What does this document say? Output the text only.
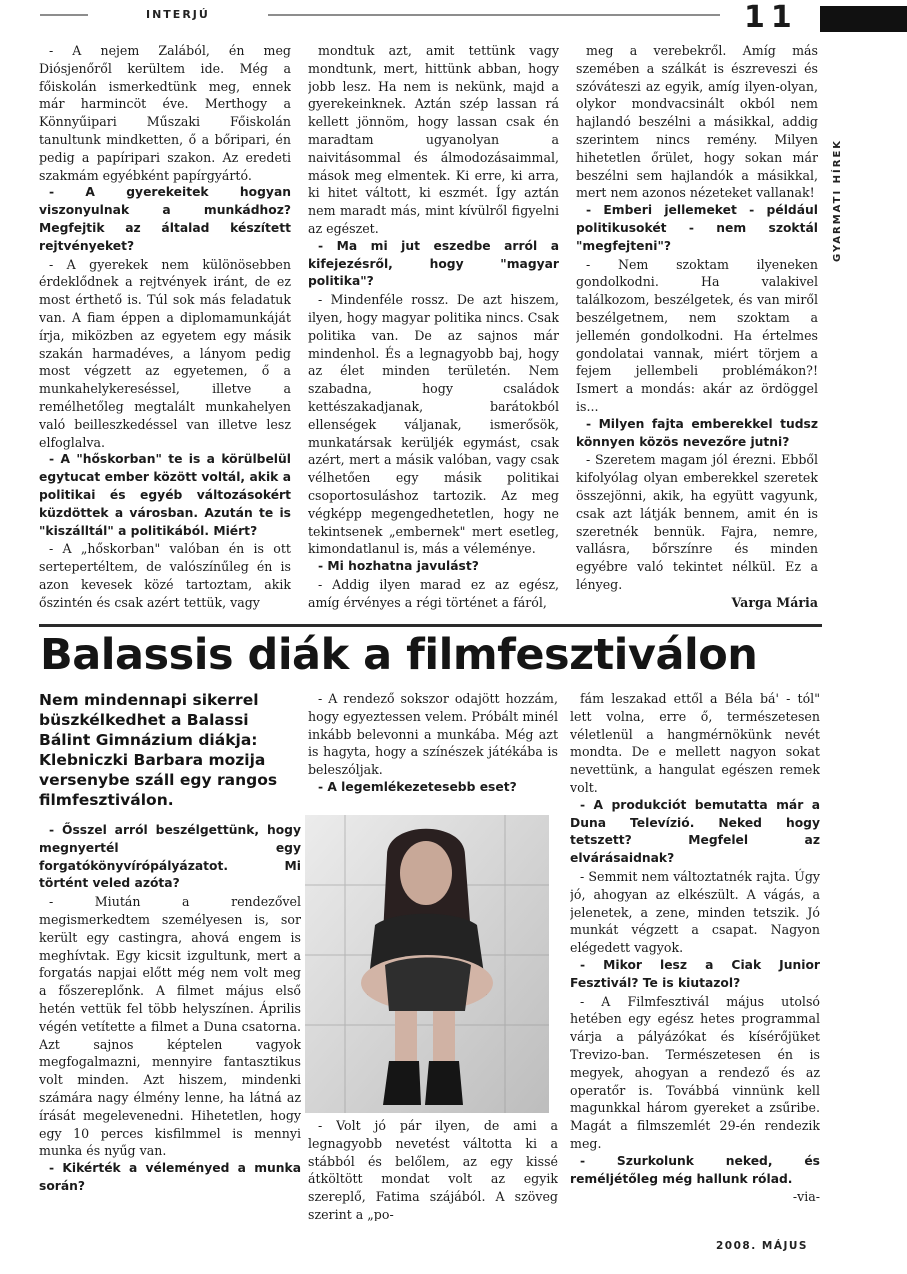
INTERJÚ	11
GYARMATI HÍREK

- A nejem Zalából, én meg Diósjenőről kerültem ide. Még a főiskolán ismerkedtünk meg, ennek már harmincöt éve. Merthogy a Könnyűipari Műszaki Főiskolán tanultunk mindketten, ő a bőripari, én pedig a papíripari szakon. Az eredeti szakmám egyébként papírgyártó.

- A gyerekeitek hogyan viszonyulnak a munkádhoz? Megfejtik az általad készített rejtvényeket?

- A gyerekek nem különösebben érdeklődnek a rejtvények iránt, de ez most érthető is. Túl sok más feladatuk van. A fiam éppen a diplomamunkáját írja, miközben az egyetem egy másik szakán harmadéves, a lányom pedig most végzett az egyetemen, ő a munkahelykereséssel, illetve a remélhetőleg megtalált munkahelyen való beilleszkedéssel van illetve lesz elfoglalva.

- A "hőskorban" te is a körülbelül egytucat ember között voltál, akik a politikai és egyéb változásokért küzdöttek a városban. Azután te is "kiszálltál" a politikából. Miért?

- A „hőskorban" valóban én is ott sertepertéltem, de valószínűleg én is azon kevesek közé tartoztam, akik őszintén és csak azért tettük, vagy

mondtuk azt, amit tettünk vagy mondtunk, mert, hittünk abban, hogy jobb lesz. Ha nem is nekünk, majd a gyerekeinknek. Aztán szép lassan rá kellett jönnöm, hogy lassan csak én maradtam ugyanolyan a naivitásommal és álmodozásaimmal, mások meg elmentek. Ki erre, ki arra, ki hitet váltott, ki eszmét. Így aztán nem maradt más, mint kívülről figyelni az egészet.

- Ma mi jut eszedbe arról a kifejezésről, hogy "magyar politika"?

- Mindenféle rossz. De azt hiszem, ilyen, hogy magyar politika nincs. Csak politika van. De az sajnos már mindenhol. És a legnagyobb baj, hogy az élet minden területén. Nem szabadna, hogy családok kettészakadjanak, barátokból ellenségek váljanak, ismerősök, munkatársak kerüljék egymást, csak azért, mert a másik valóban, vagy csak vélhetően egy másik politikai csoportosuláshoz tartozik. Az meg végképp megengedhetetlen, hogy ne tekintsenek „embernek" mert esetleg, kimondatlanul is, más a véleménye.

- Mi hozhatna javulást?

- Addig ilyen marad ez az egész, amíg érvényes a régi történet a fáról,

meg a verebekről. Amíg más szemében a szálkát is észreveszi és szóváteszi az egyik, amíg ilyen-olyan, olykor mondvacsinált okból nem hajlandó beszélni a másikkal, addig szerintem nincs remény. Milyen hihetetlen őrület, hogy sokan már beszélni sem hajlandók a másikkal, mert nem azonos nézeteket vallanak!

- Emberi jellemeket - például politikusokét - nem szoktál "megfejteni"?

- Nem szoktam ilyeneken gondolkodni. Ha valakivel találkozom, beszélgetek, és van miről beszélgetnem, nem szoktam a jellemén gondolkodni. Ha értelmes gondolatai vannak, miért törjem a fejem jellembeli problémákon?! Ismert a mondás: akár az ördöggel is...

- Milyen fajta emberekkel tudsz könnyen közös nevezőre jutni?

- Szeretem magam jól érezni. Ebből kifolyólag olyan emberekkel szeretek összejönni, akik, ha együtt vagyunk, csak azt látják bennem, amit én is szeretnék bennük. Fajra, nemre, vallásra, bőrszínre és minden egyébre való tekintet nélkül. Ez a lényeg.

Varga Mária

Balassis diák a filmfesztiválon
Nem mindennapi sikerrel büszkélkedhet a Balassi Bálint Gimnázium diákja: Klebniczki Barbara mozija versenybe száll egy rangos filmfesztiválon.

- Ősszel arról beszélgettünk, hogy megnyertél egy forgatókönyvírópályázatot. Mi történt veled azóta?

- Miután a rendezővel megismerkedtem személyesen is, sor került egy castingra, ahová engem is meghívtak. Egy kicsit izgultunk, mert a forgatás napjai előtt még nem volt meg a főszereplőnk. A filmet május első hetén vettük fel több helyszínen. Április végén vetítette a filmet a Duna csatorna. Azt sajnos képtelen vagyok megfogalmazni, mennyire fantasztikus volt minden. Azt hiszem, mindenki számára nagy élmény lenne, ha látná az írását megelevenedni. Hihetetlen, hogy egy 10 perces kisfilmmel is mennyi munka és nyűg van.

- Kikérték a véleményed a munka során?

- A rendező sokszor odajött hozzám, hogy egyeztessen velem. Próbált minél inkább belevonni a munkába. Még azt is hagyta, hogy a színészek játékába is beleszóljak.

- A legemlékezetesebb eset?

- Volt jó pár ilyen, de ami a legnagyobb nevetést váltotta ki a stábból és belőlem, az egy kissé átköltött mondat volt az egyik szereplő, Fatima szájából. A szöveg szerint a „po-

fám leszakad ettől a Béla bá' - tól" lett volna, erre ő, természetesen véletlenül a hangmérnökünk nevét mondta. De e mellett nagyon sokat nevettünk, a hangulat egészen remek volt.

- A produkciót bemutatta már a Duna Televízió. Neked hogy tetszett? Megfelel az elvárásaidnak?

- Semmit nem változtatnék rajta. Úgy jó, ahogyan az elkészült. A vágás, a jelenetek, a zene, minden tetszik. Jó munkát végzett a csapat. Nagyon elégedett vagyok.

- Mikor lesz a Ciak Junior Fesztivál? Te is kiutazol?

- A Filmfesztivál május utolsó hetében egy egész hetes programmal várja a pályázókat és kísérőjüket Trevizo-ban. Természetesen én is megyek, ahogyan a rendező és az operatőr is. Továbbá vinnünk kell magunkkal három gyereket a zsűribe. Magát a filmszemlét 29-én rendezik meg.

- Szurkolunk neked, és reméljétőleg még hallunk rólad.

-via-

2008. MÁJUS
